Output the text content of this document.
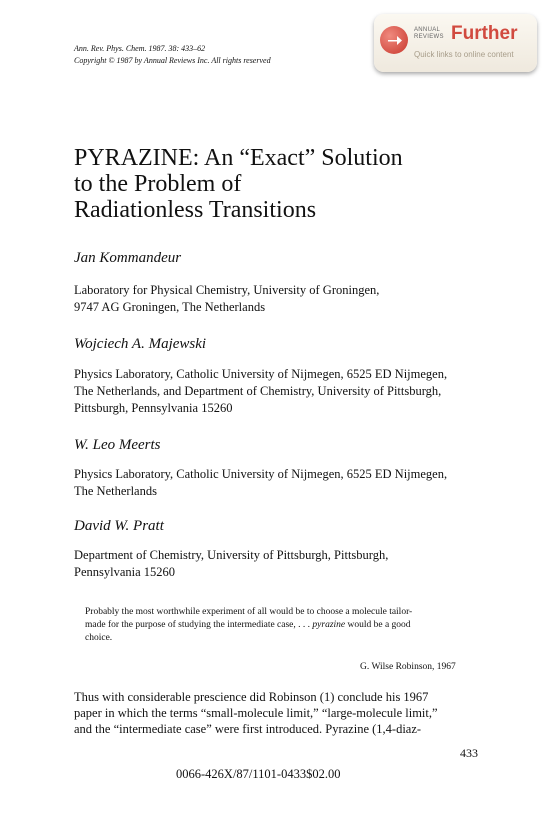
Ann. Rev. Phys. Chem. 1987. 38: 433–62
Copyright © 1987 by Annual Reviews Inc. All rights reserved
ANNUAL
REVIEWS Further
Quick links to online content
PYRAZINE: An “Exact” Solution
to the Problem of
Radiationless Transitions
Jan Kommandeur
Laboratory for Physical Chemistry, University of Groningen,
9747 AG Groningen, The Netherlands
Wojciech A. Majewski
Physics Laboratory, Catholic University of Nijmegen, 6525 ED Nijmegen,
The Netherlands, and Department of Chemistry, University of Pittsburgh,
Pittsburgh, Pennsylvania 15260
W. Leo Meerts
Physics Laboratory, Catholic University of Nijmegen, 6525 ED Nijmegen,
The Netherlands
David W. Pratt
Department of Chemistry, University of Pittsburgh, Pittsburgh,
Pennsylvania 15260
Probably the most worthwhile experiment of all would be to choose a molecule tailor-
made for the purpose of studying the intermediate case, . . . pyrazine would be a good
choice.
G. Wilse Robinson, 1967
Thus with considerable prescience did Robinson (1) conclude his 1967
paper in which the terms “small-molecule limit,” “large-molecule limit,”
and the “intermediate case” were first introduced. Pyrazine (1,4-diaz-
433
0066-426X/87/1101-0433$02.00
